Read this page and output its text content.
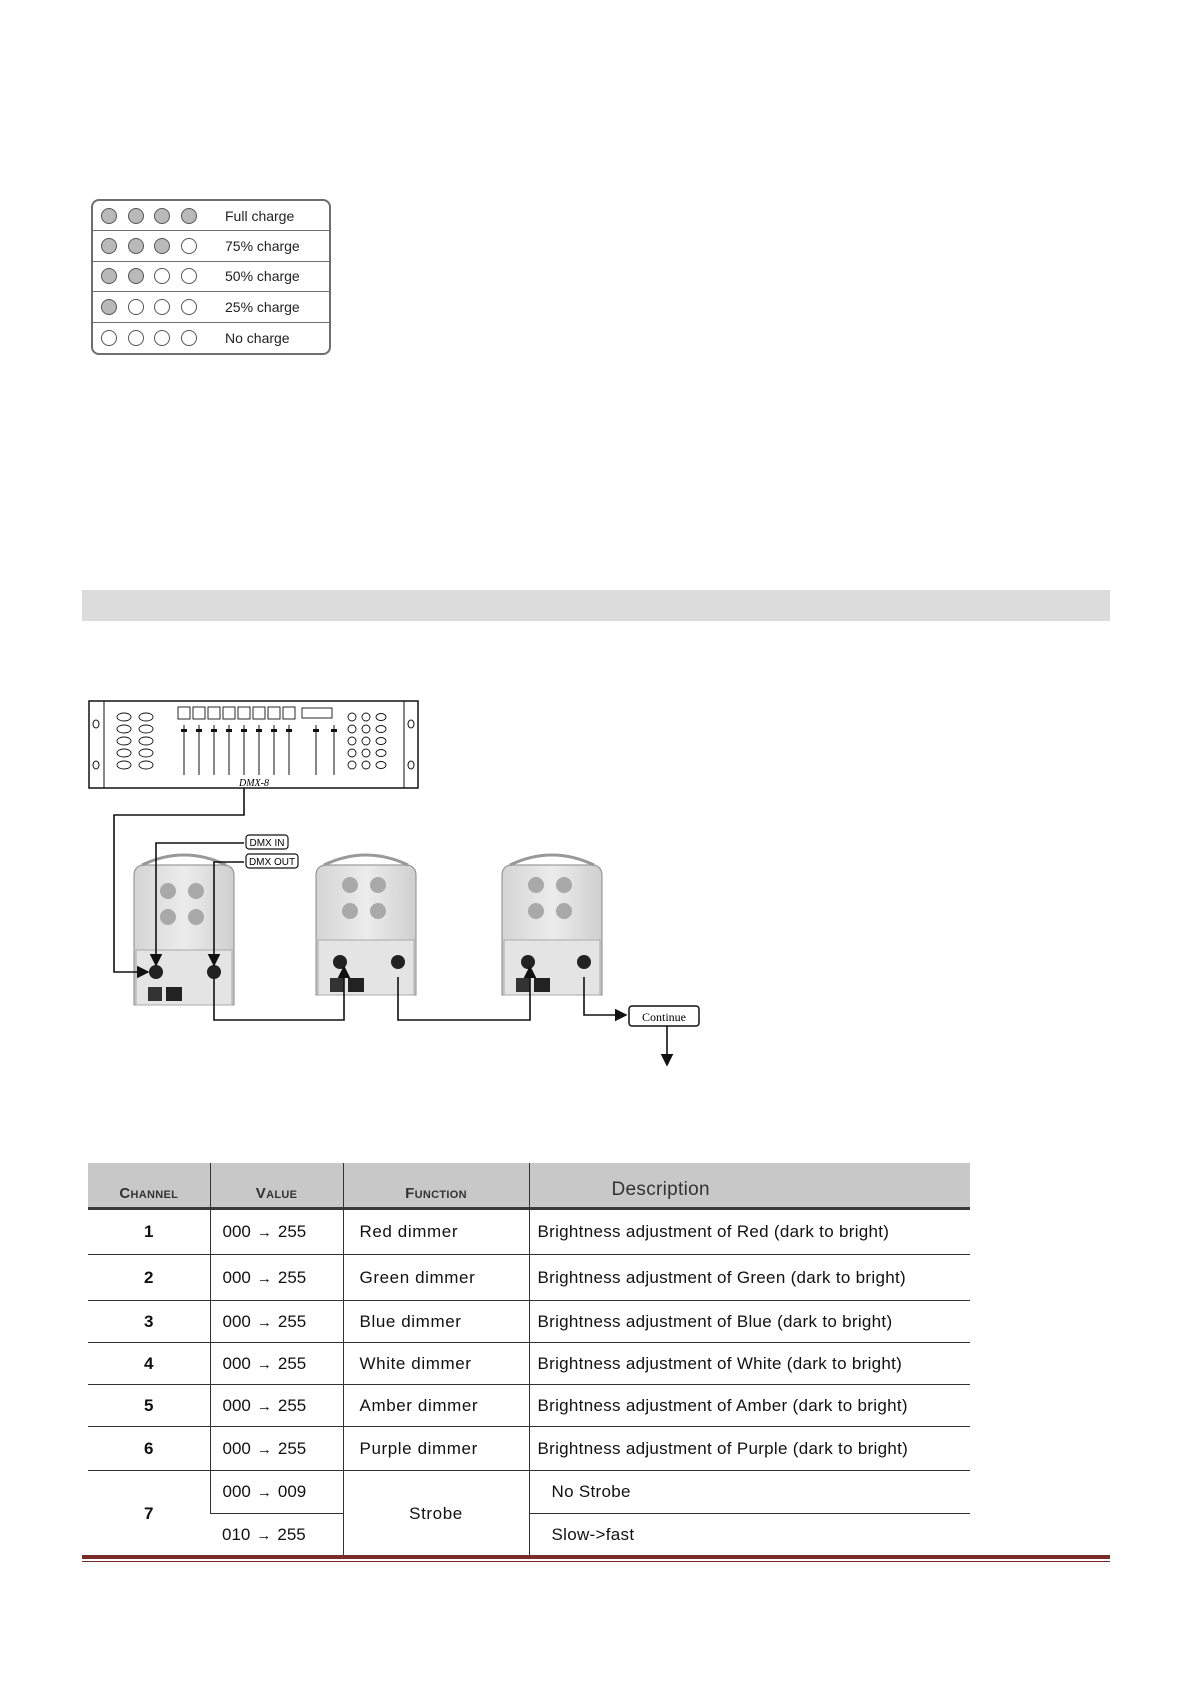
Full charge
75% charge
50% charge
25% charge
No charge
DMX-8
DMX IN
DMX OUT
Continue
Channel	Value	Function	Description
1	000 → 255	Red dimmer	Brightness adjustment of Red (dark to bright)
2	000 → 255	Green dimmer	Brightness adjustment of Green (dark to bright)
3	000 → 255	Blue dimmer	Brightness adjustment of Blue (dark to bright)
4	000 → 255	White dimmer	Brightness adjustment of White (dark to bright)
5	000 → 255	Amber dimmer	Brightness adjustment of Amber (dark to bright)
6	000 → 255	Purple dimmer	Brightness adjustment of Purple (dark to bright)
7	000 → 009	Strobe	No Strobe
	010 → 255		Slow->fast
